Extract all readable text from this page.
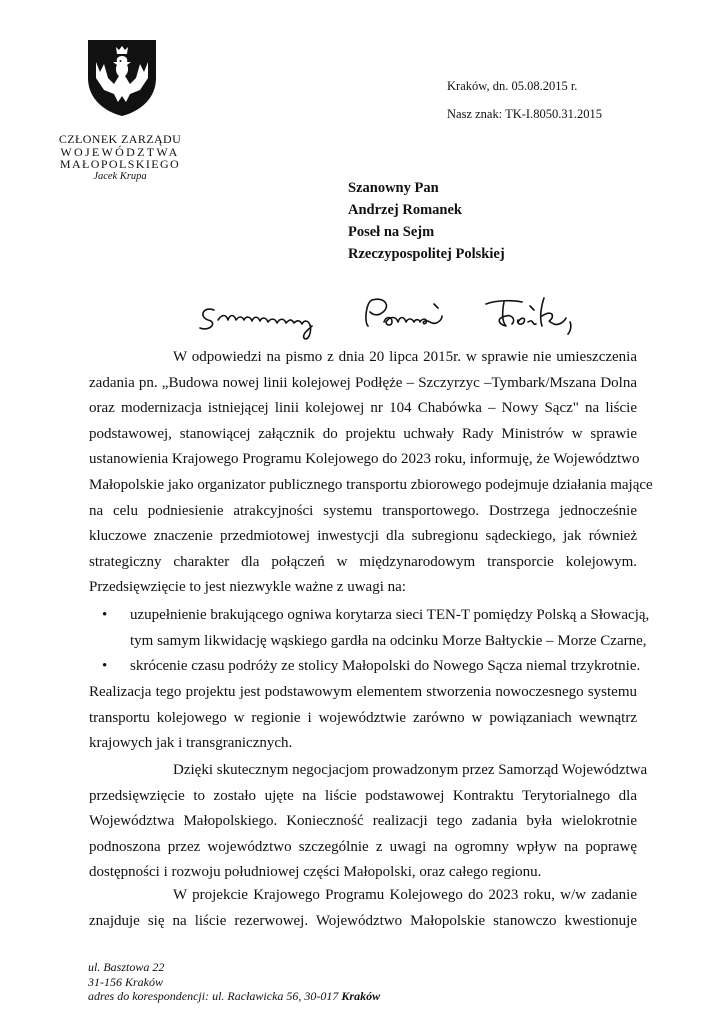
CZŁONEK ZARZĄDU
WOJEWÓDZTWA
MAŁOPOLSKIEGO
Jacek Krupa
Kraków, dn. 05.08.2015 r.
Nasz znak: TK-I.8050.31.2015
Szanowny Pan
Andrzej Romanek
Poseł na Sejm
Rzeczypospolitej Polskiej
W odpowiedzi na pismo z dnia 20 lipca 2015r. w sprawie nie umieszczenia
zadania pn. „Budowa nowej linii kolejowej Podłęże – Szczyrzyc –Tymbark/Mszana Dolna
oraz modernizacja istniejącej linii kolejowej nr 104 Chabówka – Nowy Sącz" na liście
podstawowej, stanowiącej załącznik do projektu uchwały Rady Ministrów w sprawie
ustanowienia Krajowego Programu Kolejowego do 2023 roku, informuję, że Województwo
Małopolskie jako organizator publicznego transportu zbiorowego podejmuje działania mające
na celu podniesienie atrakcyjności systemu transportowego. Dostrzega jednocześnie
kluczowe znaczenie przedmiotowej inwestycji dla subregionu sądeckiego, jak również
strategiczny charakter dla połączeń w międzynarodowym transporcie kolejowym.
Przedsięwzięcie to jest niezwykle ważne z uwagi na:
• uzupełnienie brakującego ogniwa korytarza sieci TEN-T pomiędzy Polską a Słowacją,
tym samym likwidację wąskiego gardła na odcinku Morze Bałtyckie – Morze Czarne,
• skrócenie czasu podróży ze stolicy Małopolski do Nowego Sącza niemal trzykrotnie.
Realizacja tego projektu jest podstawowym elementem stworzenia nowoczesnego systemu
transportu kolejowego w regionie i województwie zarówno w powiązaniach wewnątrz
krajowych jak i transgranicznych.
Dzięki skutecznym negocjacjom prowadzonym przez Samorząd Województwa
przedsięwzięcie to zostało ujęte na liście podstawowej Kontraktu Terytorialnego dla
Województwa Małopolskiego. Konieczność realizacji tego zadania była wielokrotnie
podnoszona przez województwo szczególnie z uwagi na ogromny wpływ na poprawę
dostępności i rozwoju południowej części Małopolski, oraz całego regionu.
W projekcie Krajowego Programu Kolejowego do 2023 roku, w/w zadanie
znajduje się na liście rezerwowej. Województwo Małopolskie stanowczo kwestionuje
ul. Basztowa 22
31-156 Kraków
adres do korespondencji: ul. Racławicka 56, 30-017 Kraków
